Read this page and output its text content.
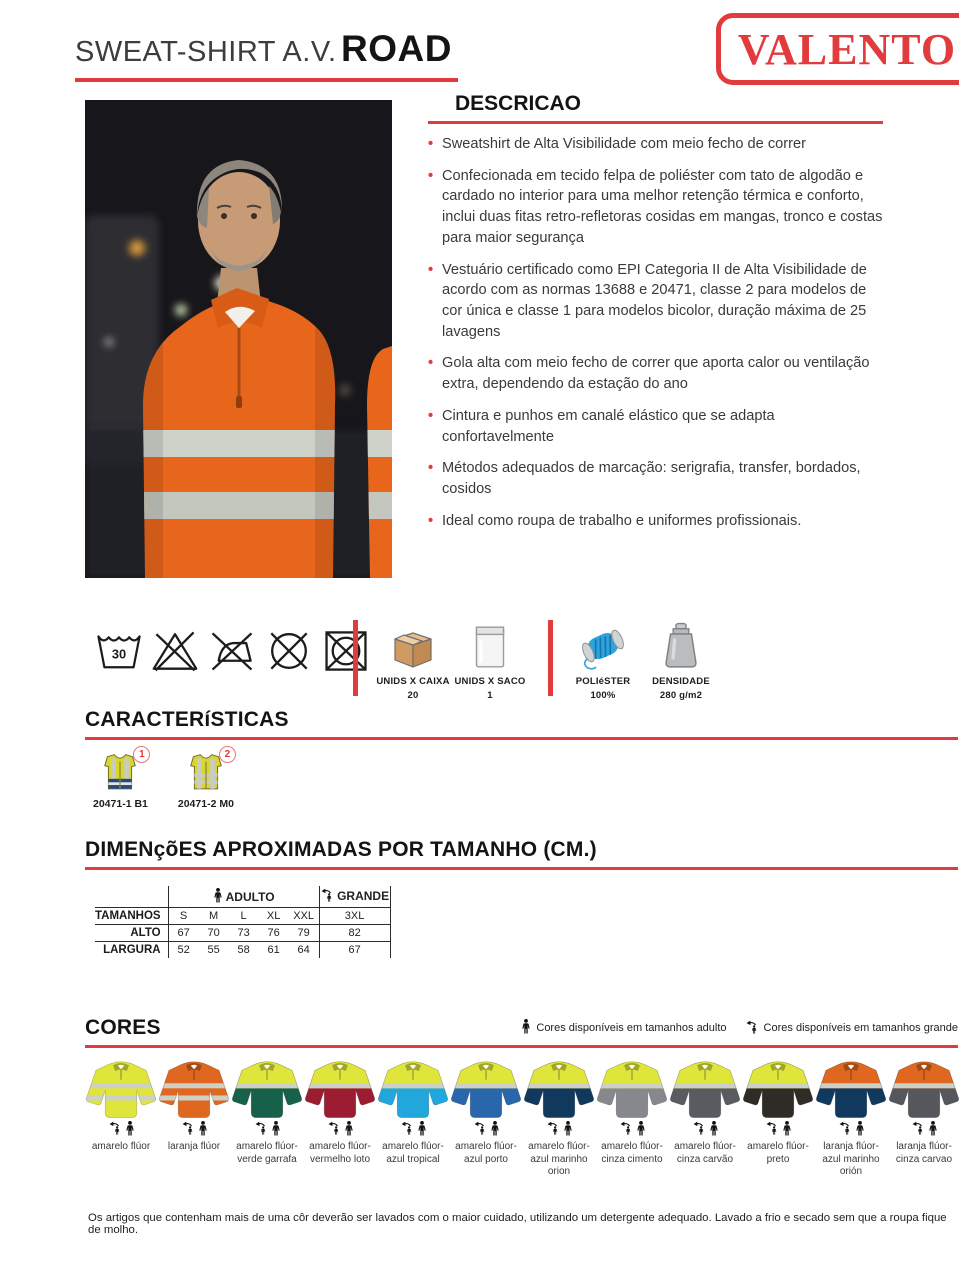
SWEAT-SHIRT A.V. ROAD	VALENTO
DESCRICAO
• Sweatshirt de Alta Visibilidade com meio fecho de correr
• Confecionada em tecido felpa de poliéster com tato de algodão e cardado no interior para uma melhor retenção térmica e conforto, inclui duas fitas retro-refletoras cosidas em mangas, tronco e costas para maior segurança
• Vestuário certificado como EPI Categoria II de Alta Visibilidade de acordo com as normas 13688 e 20471, classe 2 para modelos de cor única e classe 1 para modelos bicolor, duração máxima de 25 lavagens
• Gola alta com meio fecho de correr que aporta calor ou ventilação extra, dependendo da estação do ano
• Cintura e punhos em canalé elástico que se adapta confortavelmente
• Métodos adequados de marcação: serigrafia, transfer, bordados, cosidos
• Ideal como roupa de trabalho e uniformes profissionais.
30
UNIDS X CAIXA
20
UNIDS X SACO
1
POLIéSTER
100%
DENSIDADE
280 g/m2
CARACTERíSTICAS
1
20471-1 B1
2
20471-2 M0
DIMENçõES APROXIMADAS POR TAMANHO (CM.)
	ADULTO					GRANDE
TAMANHOS	S	M	L	XL	XXL	3XL
ALTO	67	70	73	76	79	82
LARGURA	52	55	58	61	64	67
CORES	Cores disponíveis em tamanhos adulto	Cores disponíveis em tamanhos grande
amarelo flúor laranja flúor	amarelo flúor-verde garrafa
amarelo flúor-vermelho loto
amarelo flúor-azul tropical
amarelo flúor-azul porto
amarelo flúor-azul marinho orion
amarelo flúor-cinza cimento
amarelo flúor-cinza carvão
amarelo flúor-preto
laranja flúor-azul marinho orión
laranja flúor-cinza carvao
Os artigos que contenham mais de uma côr deverão ser lavados com o maior cuidado, utilizando um detergente adequado. Lavado a frio e secado sem que a roupa fique de molho.
